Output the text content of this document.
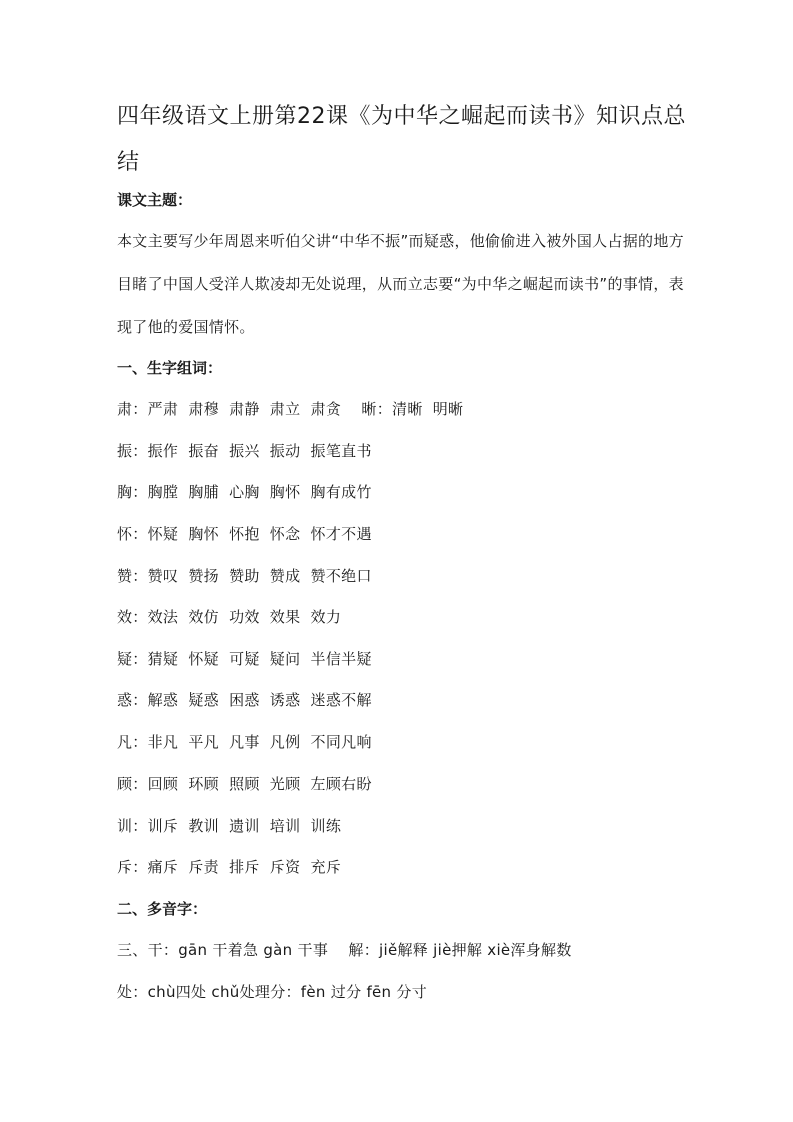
四年级语文上册第22课《为中华之崛起而读书》知识点总结
课文主题：

本文主要写少年周恩来听伯父讲“中华不振”而疑惑，他偷偷进入被外国人占据的地方目睹了中国人受洋人欺凌却无处说理，从而立志要“为中华之崛起而读书”的事情，表现了他的爱国情怀。

一、生字组词：
肃：严肃  肃穆  肃静  肃立  肃贪    晰：清晰  明晰
振：振作  振奋  振兴  振动  振笔直书
胸：胸膛  胸脯  心胸  胸怀  胸有成竹
怀：怀疑  胸怀  怀抱  怀念  怀才不遇
赞：赞叹  赞扬  赞助  赞成  赞不绝口
效：效法  效仿  功效  效果  效力
疑：猜疑  怀疑  可疑  疑问  半信半疑
惑：解惑  疑惑  困惑  诱惑  迷惑不解
凡：非凡  平凡  凡事  凡例  不同凡响
顾：回顾  环顾  照顾  光顾  左顾右盼
训：训斥  教训  遗训  培训  训练
斥：痛斥  斥责  排斥  斥资  充斥
二、多音字：
三、干：gān 干着急 gàn 干事    解：jiě解释 jiè押解 xiè浑身解数
处：chù四处 chǔ处理分：fèn 过分 fēn 分寸
